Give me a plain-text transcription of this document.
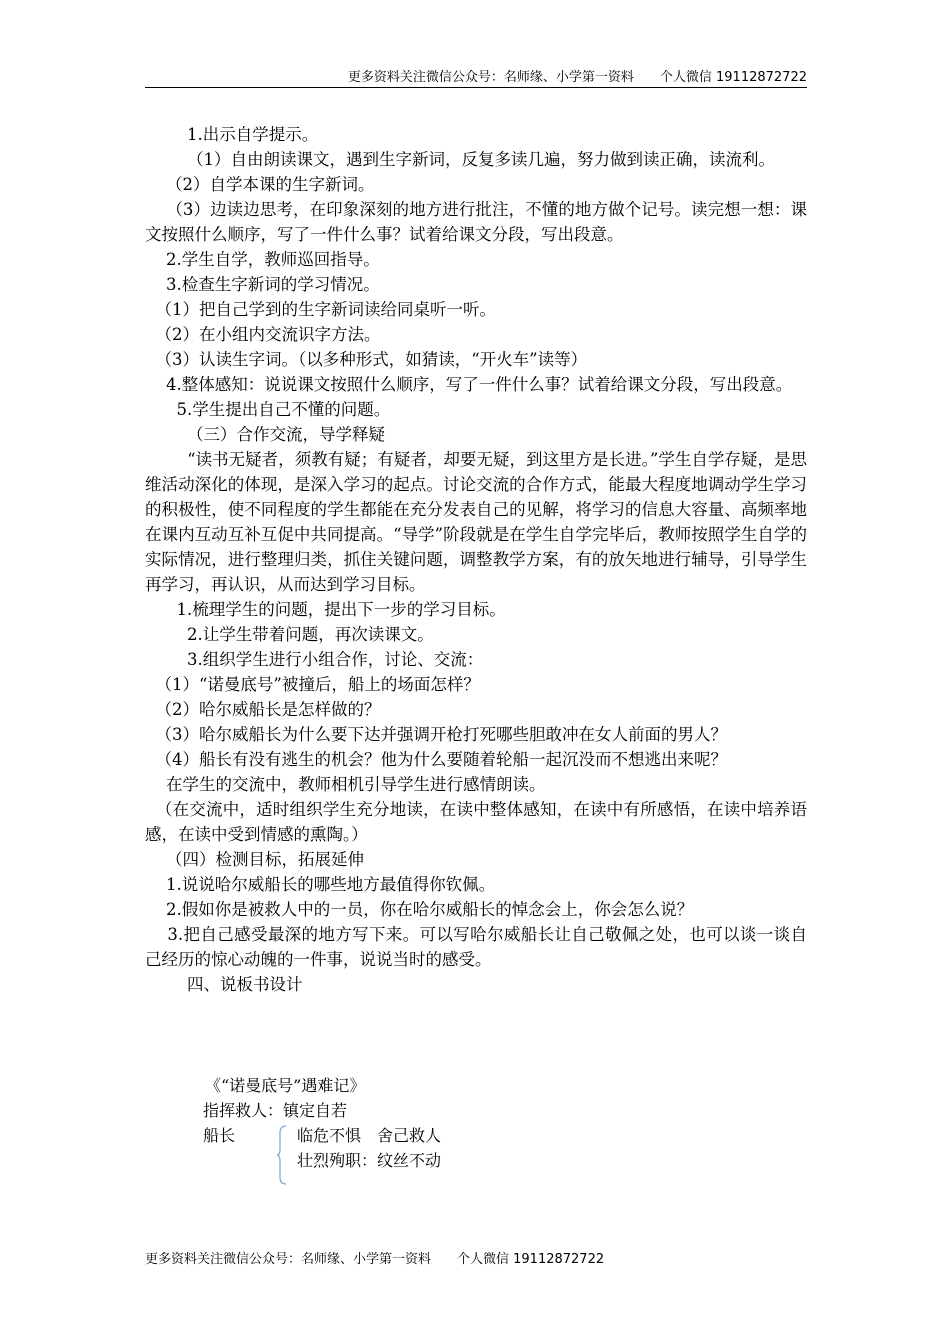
更多资料关注微信公众号：名师缘、小学第一资料　　个人微信 19112872722

1.出示自学提示。

（1）自由朗读课文，遇到生字新词，反复多读几遍，努力做到读正确，读流利。

（2）自学本课的生字新词。

（3）边读边思考，在印象深刻的地方进行批注，不懂的地方做个记号。读完想一想：课文按照什么顺序，写了一件什么事？试着给课文分段，写出段意。

2.学生自学，教师巡回指导。

3.检查生字新词的学习情况。

（1）把自己学到的生字新词读给同桌听一听。

（2）在小组内交流识字方法。

（3）认读生字词。（以多种形式，如猜读，“开火车”读等）

4.整体感知：说说课文按照什么顺序，写了一件什么事？试着给课文分段，写出段意。

5.学生提出自己不懂的问题。

（三）合作交流，导学释疑

“读书无疑者，须教有疑；有疑者，却要无疑，到这里方是长进。”学生自学存疑，是思维活动深化的体现，是深入学习的起点。讨论交流的合作方式，能最大程度地调动学生学习的积极性，使不同程度的学生都能在充分发表自己的见解，将学习的信息大容量、高频率地在课内互动互补互促中共同提高。“导学”阶段就是在学生自学完毕后，教师按照学生自学的实际情况，进行整理归类，抓住关键问题，调整教学方案，有的放矢地进行辅导，引导学生再学习，再认识，从而达到学习目标。

1.梳理学生的问题，提出下一步的学习目标。

2.让学生带着问题，再次读课文。

3.组织学生进行小组合作，讨论、交流：

（1）“诺曼底号”被撞后，船上的场面怎样？

（2）哈尔威船长是怎样做的？

（3）哈尔威船长为什么要下达并强调开枪打死哪些胆敢冲在女人前面的男人？

（4）船长有没有逃生的机会？他为什么要随着轮船一起沉没而不想逃出来呢？

在学生的交流中，教师相机引导学生进行感情朗读。

（在交流中，适时组织学生充分地读，在读中整体感知，在读中有所感悟，在读中培养语感，在读中受到情感的熏陶。）

（四）检测目标，拓展延伸

1.说说哈尔威船长的哪些地方最值得你钦佩。

2.假如你是被救人中的一员，你在哈尔威船长的悼念会上，你会怎么说？

3.把自己感受最深的地方写下来。可以写哈尔威船长让自己敬佩之处，也可以谈一谈自己经历的惊心动魄的一件事，说说当时的感受。

四、说板书设计

《“诺曼底号”遇难记》
指挥救人：镇定自若
船长	临危不惧　舍己救人
壮烈殉职：纹丝不动
更多资料关注微信公众号：名师缘、小学第一资料　　个人微信 19112872722
